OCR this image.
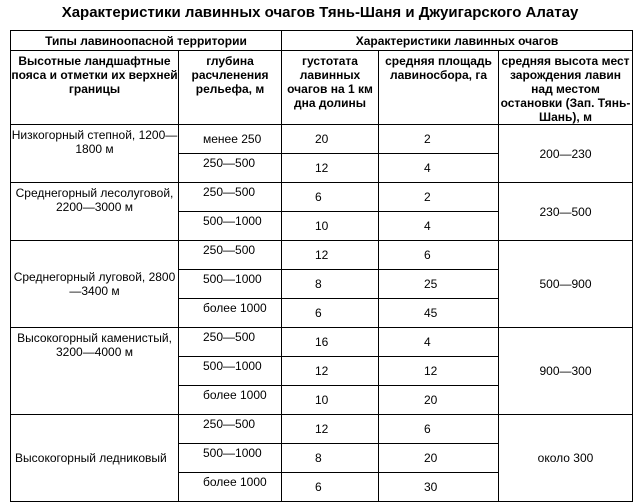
Характеристики лавинных очагов Тянь-Шаня и Джуигарского Алатау
Типы лавиноопасной территории		Характеристики лавинных очагов		
Высотные ландшафтные пояса и отметки их верхней границы	глубина расчленения рельефа, м	густотата лавинных очагов на 1 км дна долины	средняя площадь лавиносбора, га	средняя высота мест зарождения лавин над местом остановки (Зап. Тянь-Шань), м
Низкогорный степной, 1200—1800 м	менее 250	20	2	200—230
	250—500	12	4	
Среднегорный лесолуговой, 2200—3000 м	250—500	6	2	230—500
	500—1000	10	4	
Среднегорный луговой, 2800—3400 м	250—500	12	6	500—900
	500—1000	8	25	
	более 1000	6	45	
Высокогорный каменистый, 3200—4000 м	250—500	16	4	900—300
	500—1000	12	12	
	более 1000	10	20	
Высокогорный ледниковый	250—500	12	6	около 300
	500—1000	8	20	
	более 1000	6	30	
